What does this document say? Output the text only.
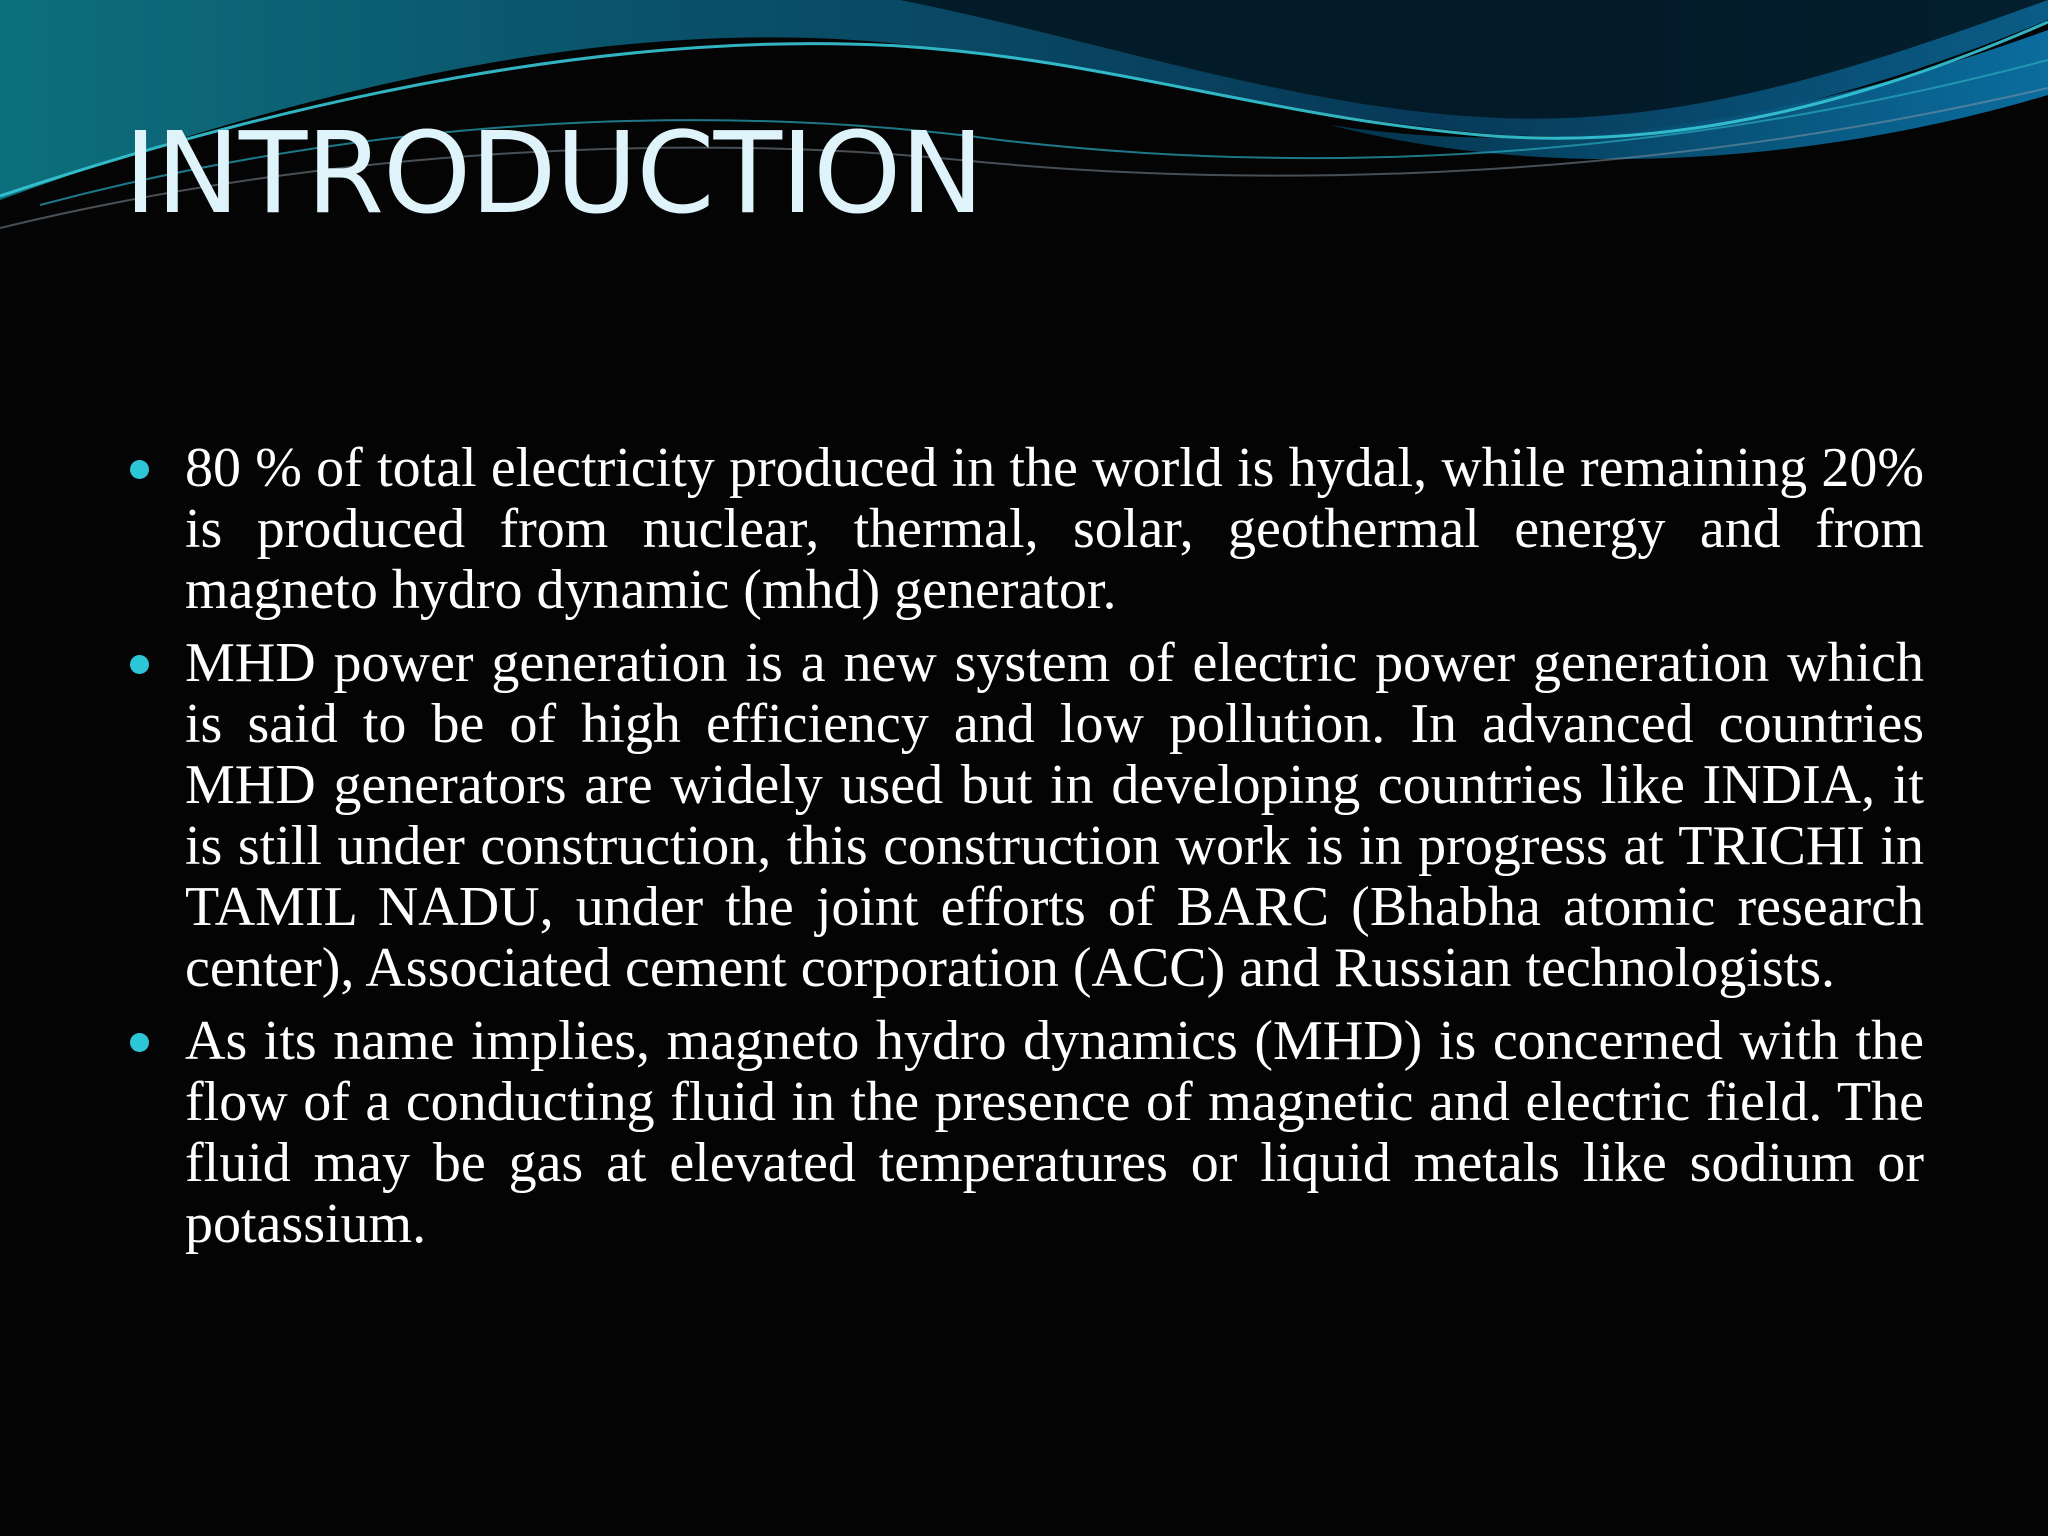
INTRODUCTION
80 % of total electricity produced in the world is hydal, while remaining 20% is produced from nuclear, thermal, solar, geothermal energy and from magneto hydro dynamic (mhd) generator.
MHD power generation is a new system of electric power generation which is said to be of high efficiency and low pollution. In advanced countries MHD generators are widely used but in developing countries like INDIA, it is still under construction, this construction work is in progress at TRICHI in TAMIL NADU, under the joint efforts of BARC (Bhabha atomic research center), Associated cement corporation (ACC) and Russian technologists.
As its name implies, magneto hydro dynamics (MHD) is concerned with the flow of a conducting fluid in the presence of magnetic and electric field. The fluid may be gas at elevated temperatures or liquid metals like sodium or potassium.
